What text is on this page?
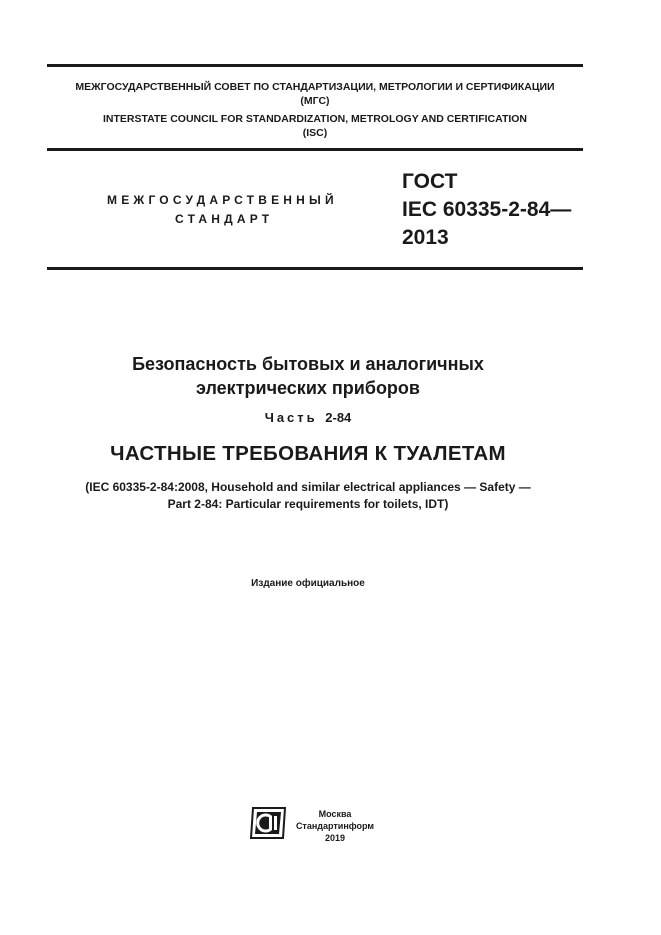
МЕЖГОСУДАРСТВЕННЫЙ СОВЕТ ПО СТАНДАРТИЗАЦИИ, МЕТРОЛОГИИ И СЕРТИФИКАЦИИ
(МГС)
INTERSTATE COUNCIL FOR STANDARDIZATION, METROLOGY AND CERTIFICATION
(ISC)
МЕЖГОСУДАРСТВЕННЫЙ
СТАНДАРТ
ГОСТ
IEC 60335-2-84—
2013
Безопасность бытовых и аналогичных
электрических приборов
Часть 2-84
ЧАСТНЫЕ ТРЕБОВАНИЯ К ТУАЛЕТАМ
(IEC 60335-2-84:2008, Household and similar electrical appliances — Safety —
Part 2-84: Particular requirements for toilets, IDT)
Издание официальное
Москва
Стандартинформ
2019
